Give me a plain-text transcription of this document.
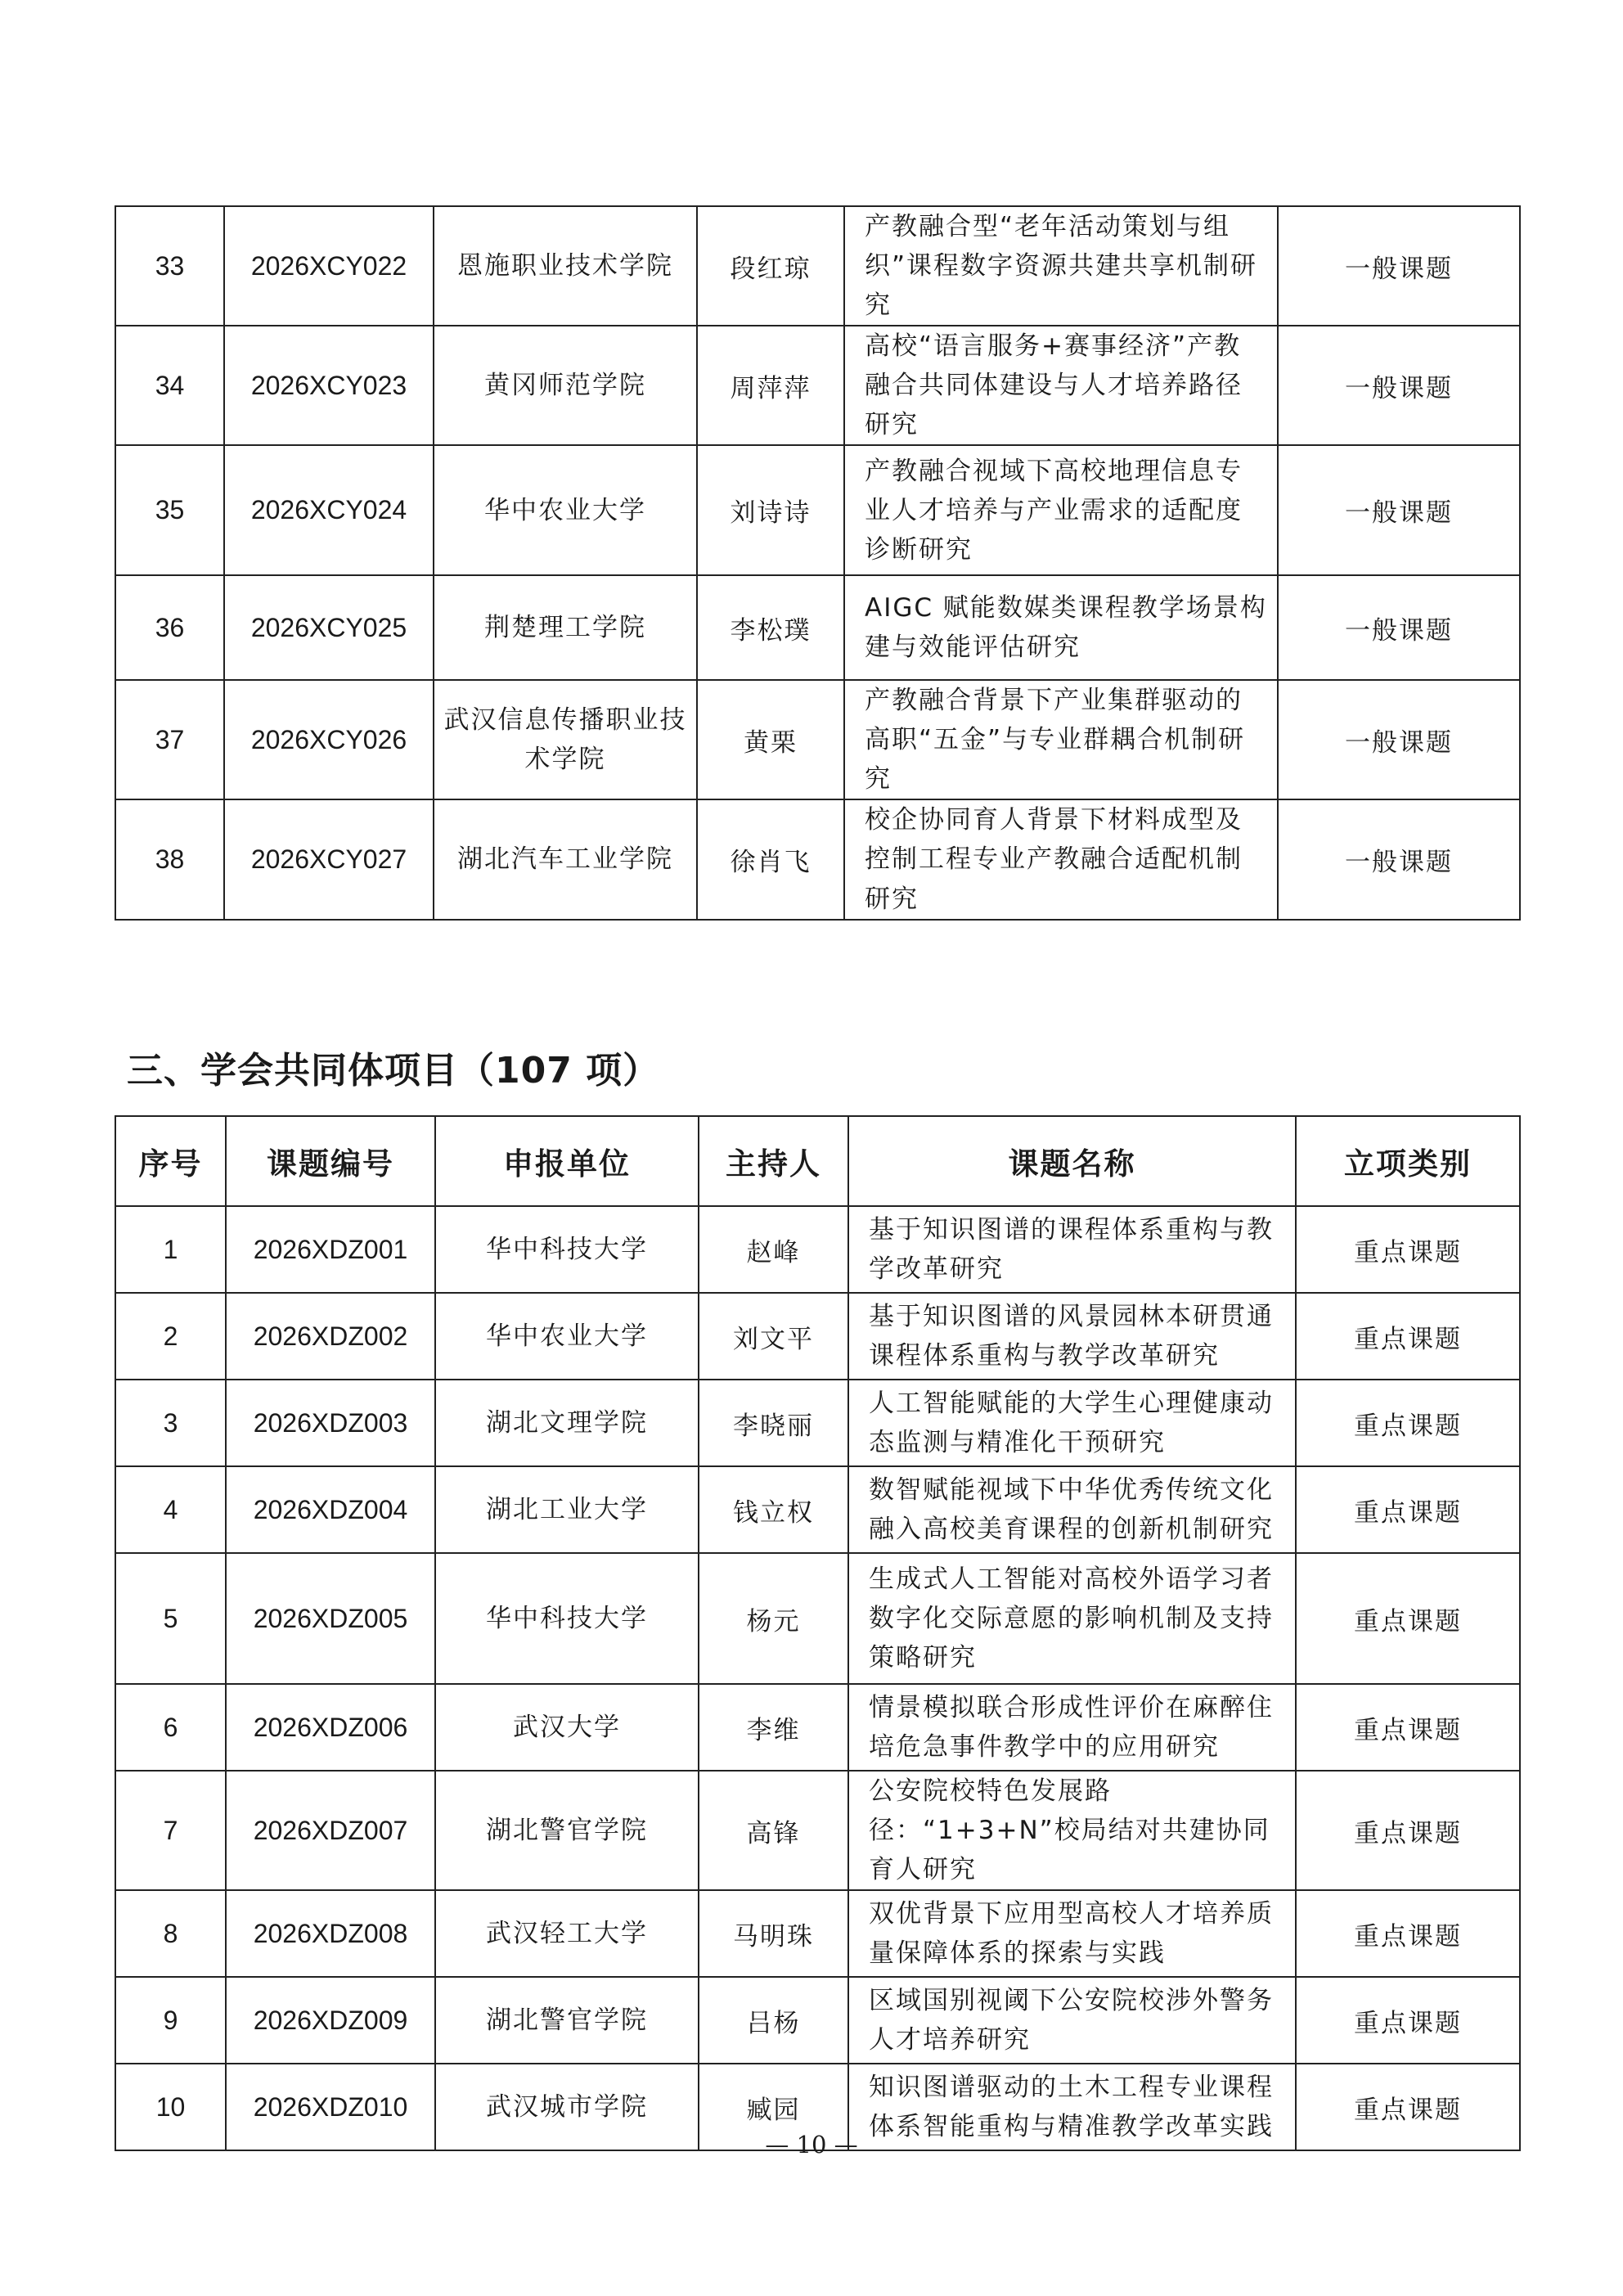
33	2026XCY022	恩施职业技术学院	段红琼	产教融合型“老年活动策划与组织”课程数字资源共建共享机制研究	一般课题
34	2026XCY023	黄冈师范学院	周萍萍	高校“语言服务+赛事经济”产教融合共同体建设与人才培养路径研究	一般课题
35	2026XCY024	华中农业大学	刘诗诗	产教融合视域下高校地理信息专业人才培养与产业需求的适配度诊断研究	一般课题
36	2026XCY025	荆楚理工学院	李松璞	AIGC 赋能数媒类课程教学场景构建与效能评估研究	一般课题
37	2026XCY026	武汉信息传播职业技术学院	黄栗	产教融合背景下产业集群驱动的高职“五金”与专业群耦合机制研究	一般课题
38	2026XCY027	湖北汽车工业学院	徐肖飞	校企协同育人背景下材料成型及控制工程专业产教融合适配机制研究	一般课题
三、学会共同体项目（107 项）
序号	课题编号	申报单位	主持人	课题名称	立项类别
1	2026XDZ001	华中科技大学	赵峰	基于知识图谱的课程体系重构与教学改革研究	重点课题
2	2026XDZ002	华中农业大学	刘文平	基于知识图谱的风景园林本研贯通课程体系重构与教学改革研究	重点课题
3	2026XDZ003	湖北文理学院	李晓丽	人工智能赋能的大学生心理健康动态监测与精准化干预研究	重点课题
4	2026XDZ004	湖北工业大学	钱立权	数智赋能视域下中华优秀传统文化融入高校美育课程的创新机制研究	重点课题
5	2026XDZ005	华中科技大学	杨元	生成式人工智能对高校外语学习者数字化交际意愿的影响机制及支持策略研究	重点课题
6	2026XDZ006	武汉大学	李维	情景模拟联合形成性评价在麻醉住培危急事件教学中的应用研究	重点课题
7	2026XDZ007	湖北警官学院	高锋	公安院校特色发展路径：“1+3+N”校局结对共建协同育人研究	重点课题
8	2026XDZ008	武汉轻工大学	马明珠	双优背景下应用型高校人才培养质量保障体系的探索与实践	重点课题
9	2026XDZ009	湖北警官学院	吕杨	区域国别视阈下公安院校涉外警务人才培养研究	重点课题
10	2026XDZ010	武汉城市学院	臧园	知识图谱驱动的土木工程专业课程体系智能重构与精准教学改革实践	重点课题
— 10 —
